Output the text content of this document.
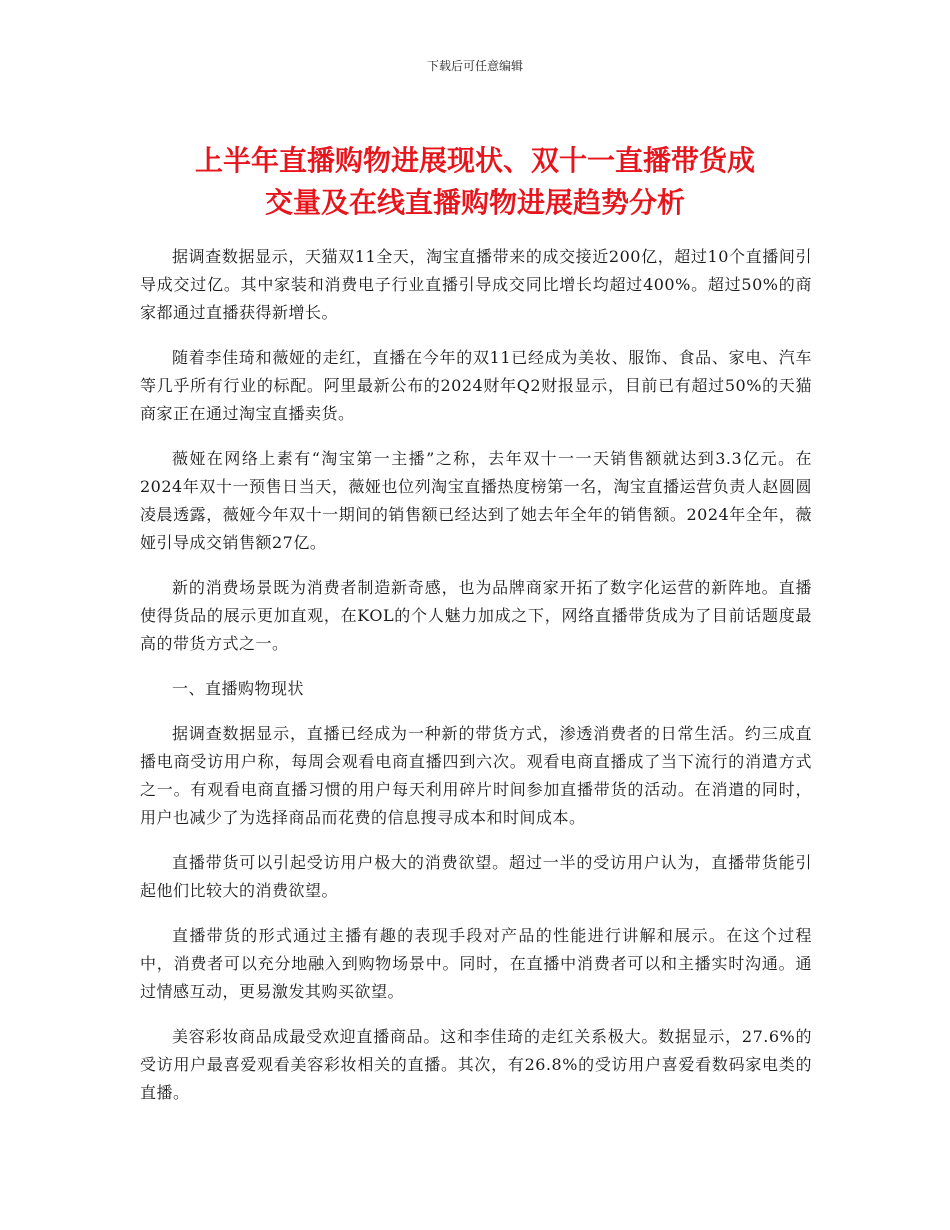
下载后可任意编辑
上半年直播购物进展现状、双十一直播带货成
交量及在线直播购物进展趋势分析

据调查数据显示，天猫双11全天，淘宝直播带来的成交接近200亿，超过10个直播间引导成交过亿。其中家装和消费电子行业直播引导成交同比增长均超过400%。超过50%的商家都通过直播获得新增长。

随着李佳琦和薇娅的走红，直播在今年的双11已经成为美妆、服饰、食品、家电、汽车等几乎所有行业的标配。阿里最新公布的2024财年Q2财报显示，目前已有超过50%的天猫商家正在通过淘宝直播卖货。

薇娅在网络上素有“淘宝第一主播”之称，去年双十一一天销售额就达到3.3亿元。在2024年双十一预售日当天，薇娅也位列淘宝直播热度榜第一名，淘宝直播运营负责人赵圆圆凌晨透露，薇娅今年双十一期间的销售额已经达到了她去年全年的销售额。2024年全年，薇娅引导成交销售额27亿。

新的消费场景既为消费者制造新奇感，也为品牌商家开拓了数字化运营的新阵地。直播使得货品的展示更加直观，在KOL的个人魅力加成之下，网络直播带货成为了目前话题度最高的带货方式之一。

一、直播购物现状

据调查数据显示，直播已经成为一种新的带货方式，渗透消费者的日常生活。约三成直播电商受访用户称，每周会观看电商直播四到六次。观看电商直播成了当下流行的消遣方式之一。有观看电商直播习惯的用户每天利用碎片时间参加直播带货的活动。在消遣的同时，用户也减少了为选择商品而花费的信息搜寻成本和时间成本。

直播带货可以引起受访用户极大的消费欲望。超过一半的受访用户认为，直播带货能引起他们比较大的消费欲望。

直播带货的形式通过主播有趣的表现手段对产品的性能进行讲解和展示。在这个过程中，消费者可以充分地融入到购物场景中。同时，在直播中消费者可以和主播实时沟通。通过情感互动，更易激发其购买欲望。

美容彩妆商品成最受欢迎直播商品。这和李佳琦的走红关系极大。数据显示，27.6%的受访用户最喜爱观看美容彩妆相关的直播。其次，有26.8%的受访用户喜爱看数码家电类的直播。
